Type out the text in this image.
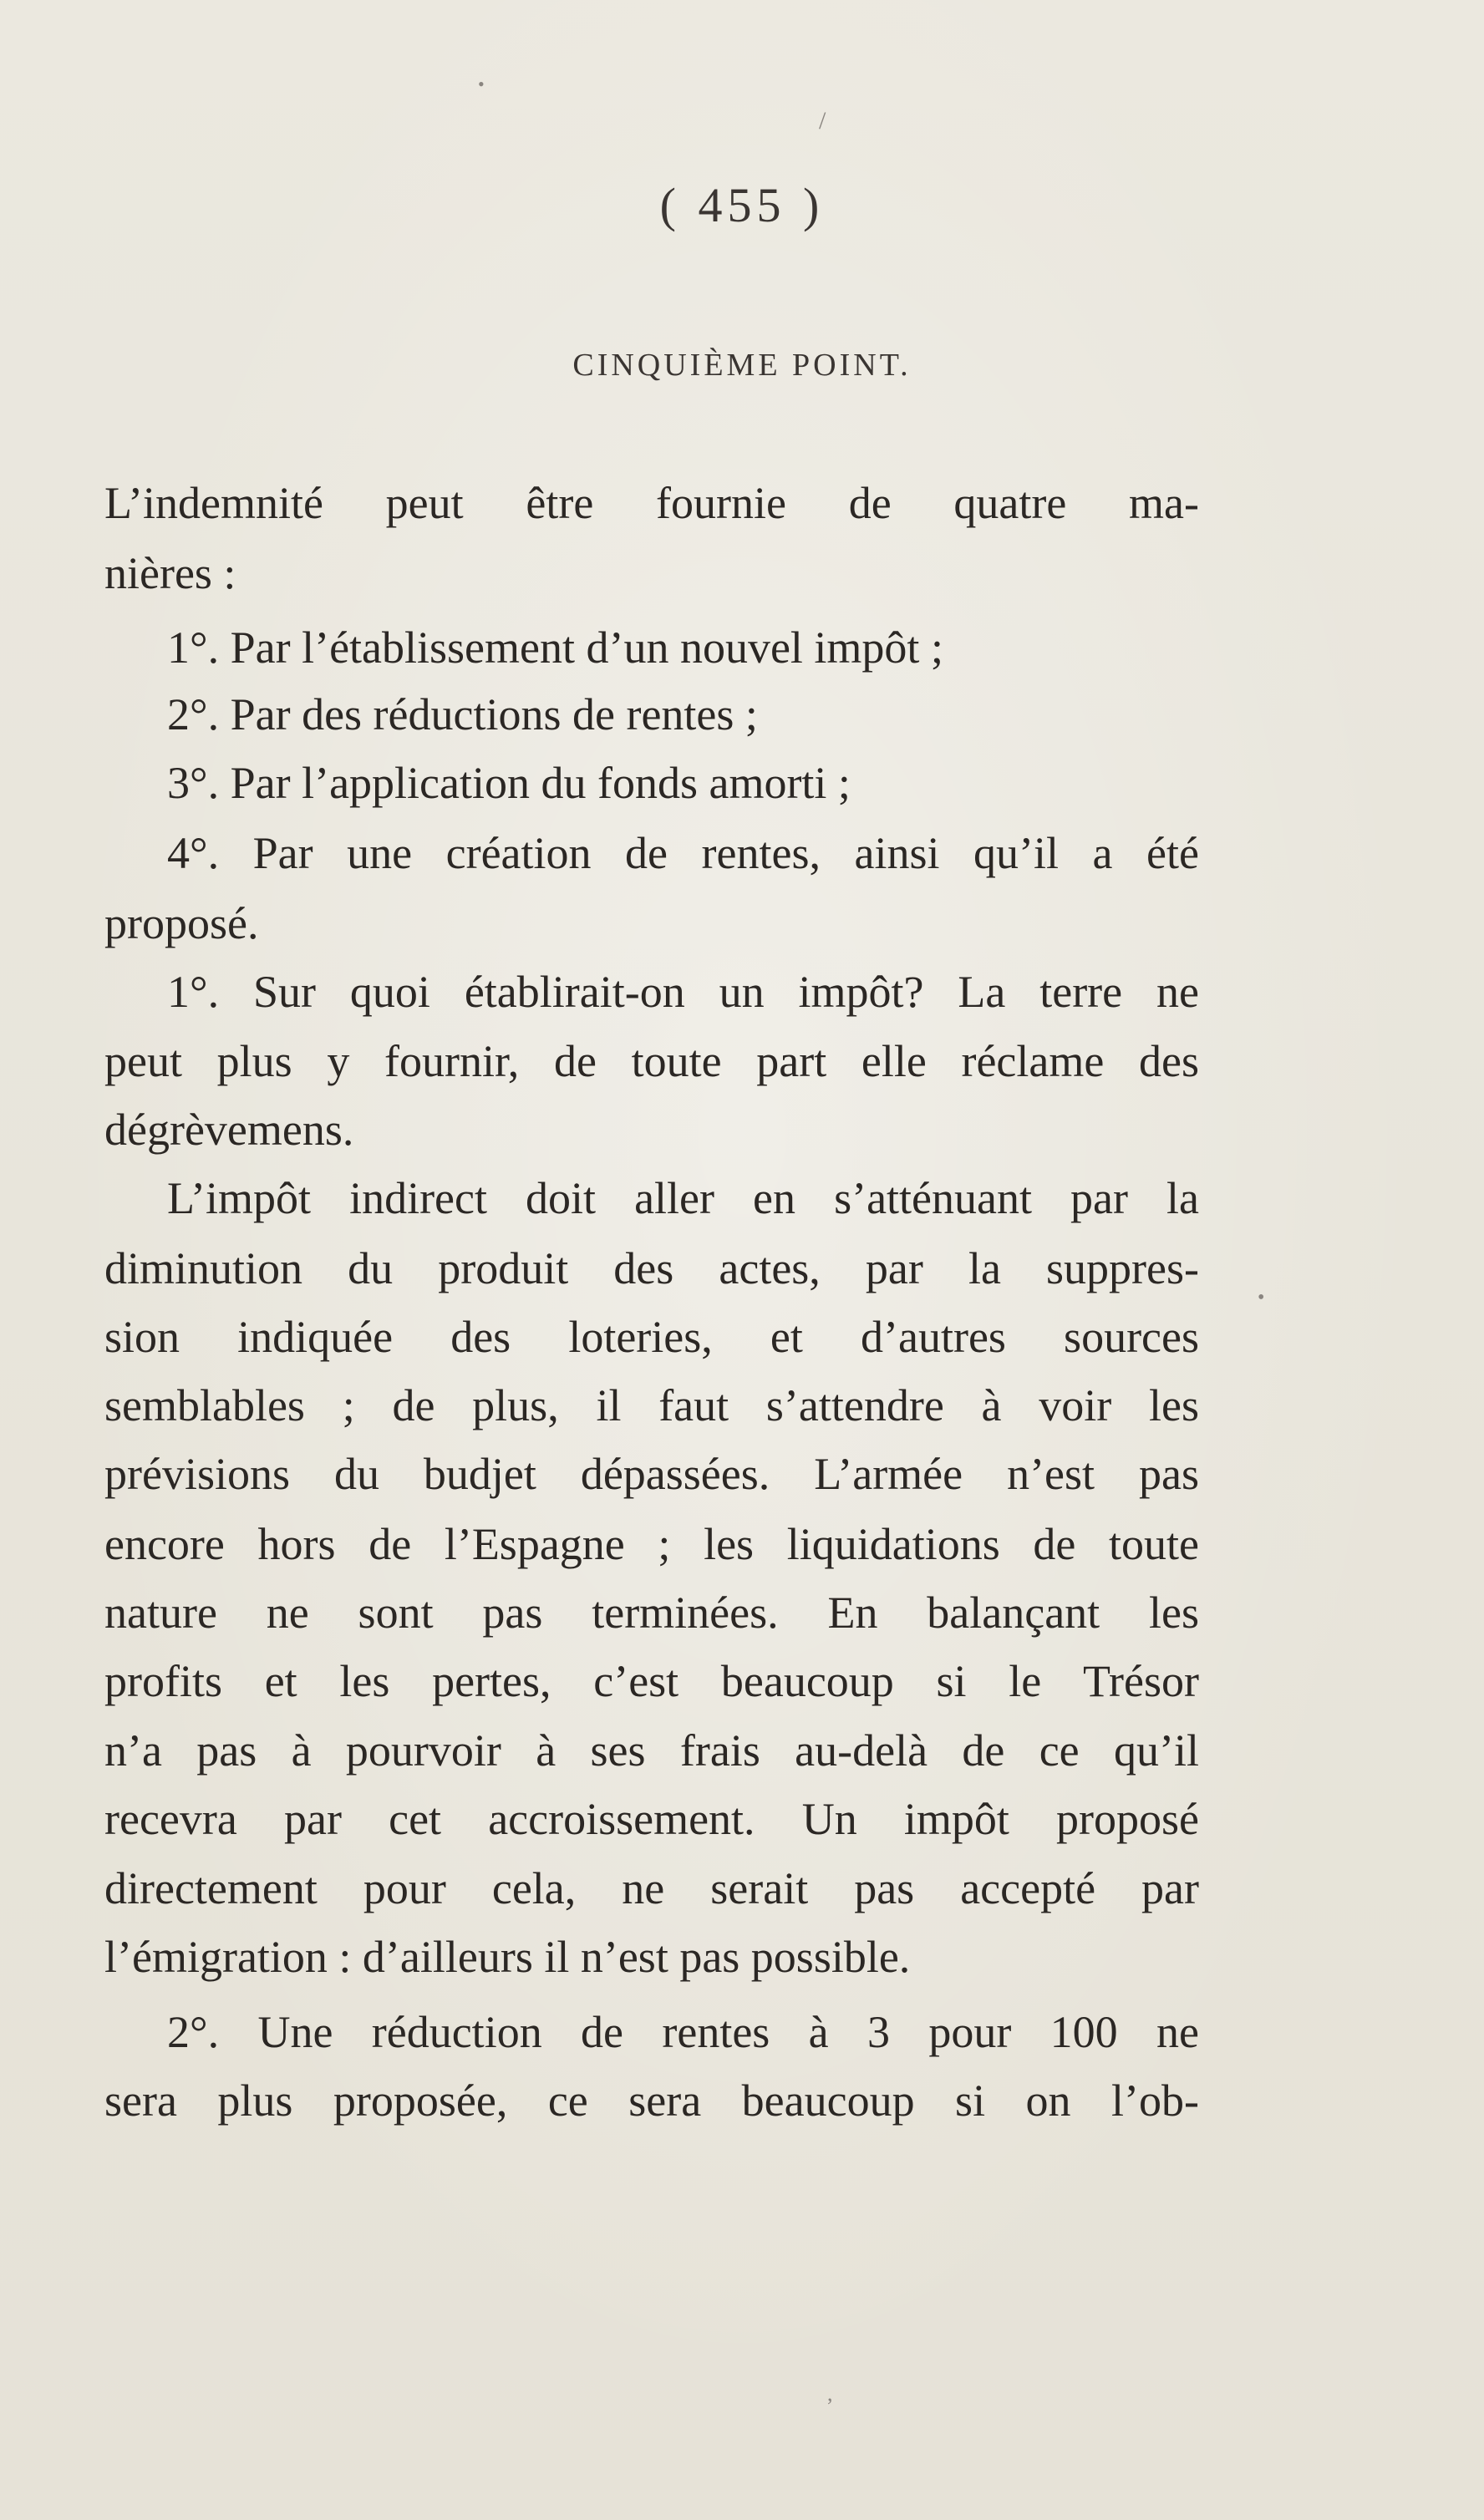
( 455 )
CINQUIÈME POINT.
L’indemnité peut être fournie de quatre ma-
nières :
1°. Par l’établissement d’un nouvel impôt ;
2°. Par des réductions de rentes ;
3°. Par l’application du fonds amorti ;
4°. Par une création de rentes, ainsi qu’il a été
proposé.
1°. Sur quoi établirait-on un impôt? La terre ne
peut plus y fournir, de toute part elle réclame des
dégrèvemens.
L’impôt indirect doit aller en s’atténuant par la
diminution du produit des actes, par la suppres-
sion indiquée des loteries, et d’autres sources
semblables ; de plus, il faut s’attendre à voir les
prévisions du budjet dépassées. L’armée n’est pas
encore hors de l’Espagne ; les liquidations de toute
nature ne sont pas terminées. En balançant les
profits et les pertes, c’est beaucoup si le Trésor
n’a pas à pourvoir à ses frais au-delà de ce qu’il
recevra par cet accroissement. Un impôt proposé
directement pour cela, ne serait pas accepté par
l’émigration : d’ailleurs il n’est pas possible.
2°. Une réduction de rentes à 3 pour 100 ne
sera plus proposée, ce sera beaucoup si on l’ob-
•
/
,
•
